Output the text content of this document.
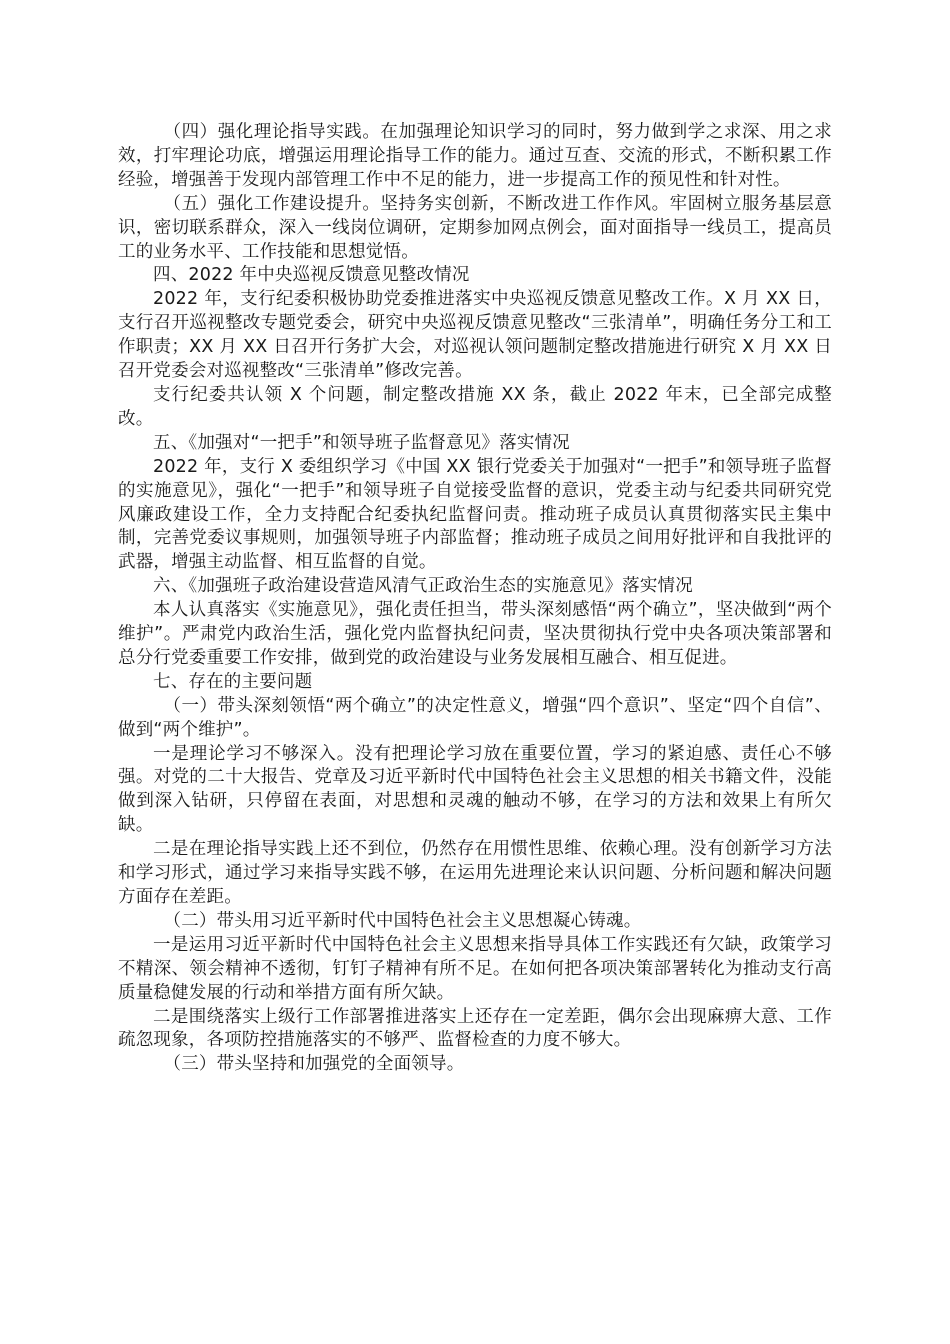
（四）强化理论指导实践。在加强理论知识学习的同时，努力做到学之求深、用之求效，打牢理论功底，增强运用理论指导工作的能力。通过互查、交流的形式，不断积累工作经验，增强善于发现内部管理工作中不足的能力，进一步提高工作的预见性和针对性。

（五）强化工作建设提升。坚持务实创新，不断改进工作作风。牢固树立服务基层意识，密切联系群众，深入一线岗位调研，定期参加网点例会，面对面指导一线员工，提高员工的业务水平、工作技能和思想觉悟。

四、2022 年中央巡视反馈意见整改情况

2022 年，支行纪委积极协助党委推进落实中央巡视反馈意见整改工作。X 月 XX 日，支行召开巡视整改专题党委会，研究中央巡视反馈意见整改“三张清单”，明确任务分工和工作职责；XX 月 XX 日召开行务扩大会，对巡视认领问题制定整改措施进行研究 X 月 XX 日召开党委会对巡视整改“三张清单”修改完善。

支行纪委共认领 X 个问题，制定整改措施 XX 条，截止 2022 年末，已全部完成整改。

五、《加强对“一把手”和领导班子监督意见》落实情况

2022 年，支行 X 委组织学习《中国 XX 银行党委关于加强对“一把手”和领导班子监督的实施意见》，强化“一把手”和领导班子自觉接受监督的意识，党委主动与纪委共同研究党风廉政建设工作，全力支持配合纪委执纪监督问责。推动班子成员认真贯彻落实民主集中制，完善党委议事规则，加强领导班子内部监督；推动班子成员之间用好批评和自我批评的武器，增强主动监督、相互监督的自觉。

六、《加强班子政治建设营造风清气正政治生态的实施意见》落实情况

本人认真落实《实施意见》，强化责任担当，带头深刻感悟“两个确立”，坚决做到“两个维护”。严肃党内政治生活，强化党内监督执纪问责，坚决贯彻执行党中央各项决策部署和总分行党委重要工作安排，做到党的政治建设与业务发展相互融合、相互促进。

七、存在的主要问题

（一）带头深刻领悟“两个确立”的决定性意义，增强“四个意识”、坚定“四个自信”、做到“两个维护”。

一是理论学习不够深入。没有把理论学习放在重要位置，学习的紧迫感、责任心不够强。对党的二十大报告、党章及习近平新时代中国特色社会主义思想的相关书籍文件，没能做到深入钻研，只停留在表面，对思想和灵魂的触动不够，在学习的方法和效果上有所欠缺。

二是在理论指导实践上还不到位，仍然存在用惯性思维、依赖心理。没有创新学习方法和学习形式，通过学习来指导实践不够，在运用先进理论来认识问题、分析问题和解决问题方面存在差距。

（二）带头用习近平新时代中国特色社会主义思想凝心铸魂。

一是运用习近平新时代中国特色社会主义思想来指导具体工作实践还有欠缺，政策学习不精深、领会精神不透彻，钉钉子精神有所不足。在如何把各项决策部署转化为推动支行高质量稳健发展的行动和举措方面有所欠缺。

二是围绕落实上级行工作部署推进落实上还存在一定差距，偶尔会出现麻痹大意、工作疏忽现象，各项防控措施落实的不够严、监督检查的力度不够大。

（三）带头坚持和加强党的全面领导。
